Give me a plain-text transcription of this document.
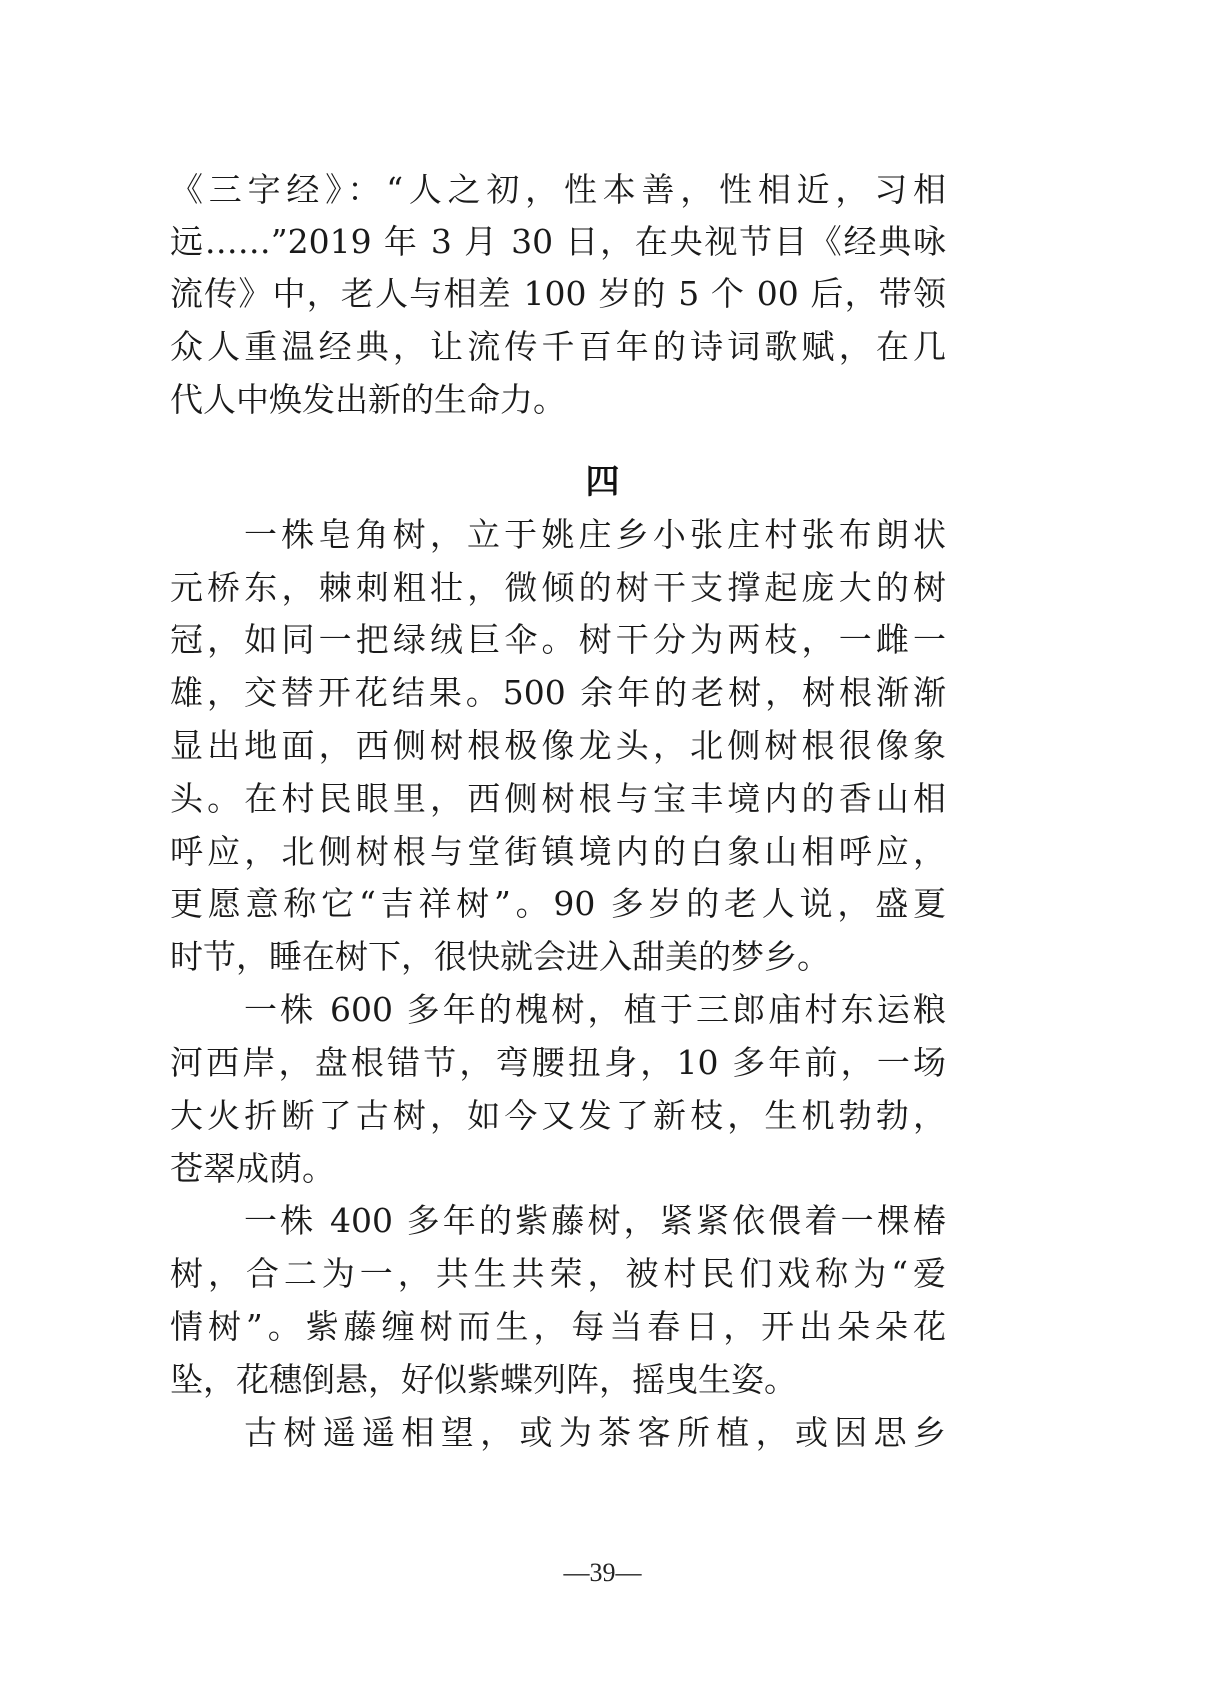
《三字经》：“人之初，性本善，性相近，习相
远……”2019 年 3 月 30 日，在央视节目《经典咏
流传》中，老人与相差 100 岁的 5 个 00 后，带领
众人重温经典，让流传千百年的诗词歌赋，在几
代人中焕发出新的生命力。
四
一株皂角树，立于姚庄乡小张庄村张布朗状
元桥东，棘刺粗壮，微倾的树干支撑起庞大的树
冠，如同一把绿绒巨伞。树干分为两枝，一雌一
雄，交替开花结果。500 余年的老树，树根渐渐
显出地面，西侧树根极像龙头，北侧树根很像象
头。在村民眼里，西侧树根与宝丰境内的香山相
呼应，北侧树根与堂街镇境内的白象山相呼应，
更愿意称它“吉祥树”。90 多岁的老人说，盛夏
时节，睡在树下，很快就会进入甜美的梦乡。
一株 600 多年的槐树，植于三郎庙村东运粮
河西岸，盘根错节，弯腰扭身，10 多年前，一场
大火折断了古树，如今又发了新枝，生机勃勃，
苍翠成荫。
一株 400 多年的紫藤树，紧紧依偎着一棵椿
树，合二为一，共生共荣，被村民们戏称为“爱
情树”。紫藤缠树而生，每当春日，开出朵朵花
坠，花穗倒悬，好似紫蝶列阵，摇曳生姿。
古树遥遥相望，或为茶客所植，或因思乡
—39—
